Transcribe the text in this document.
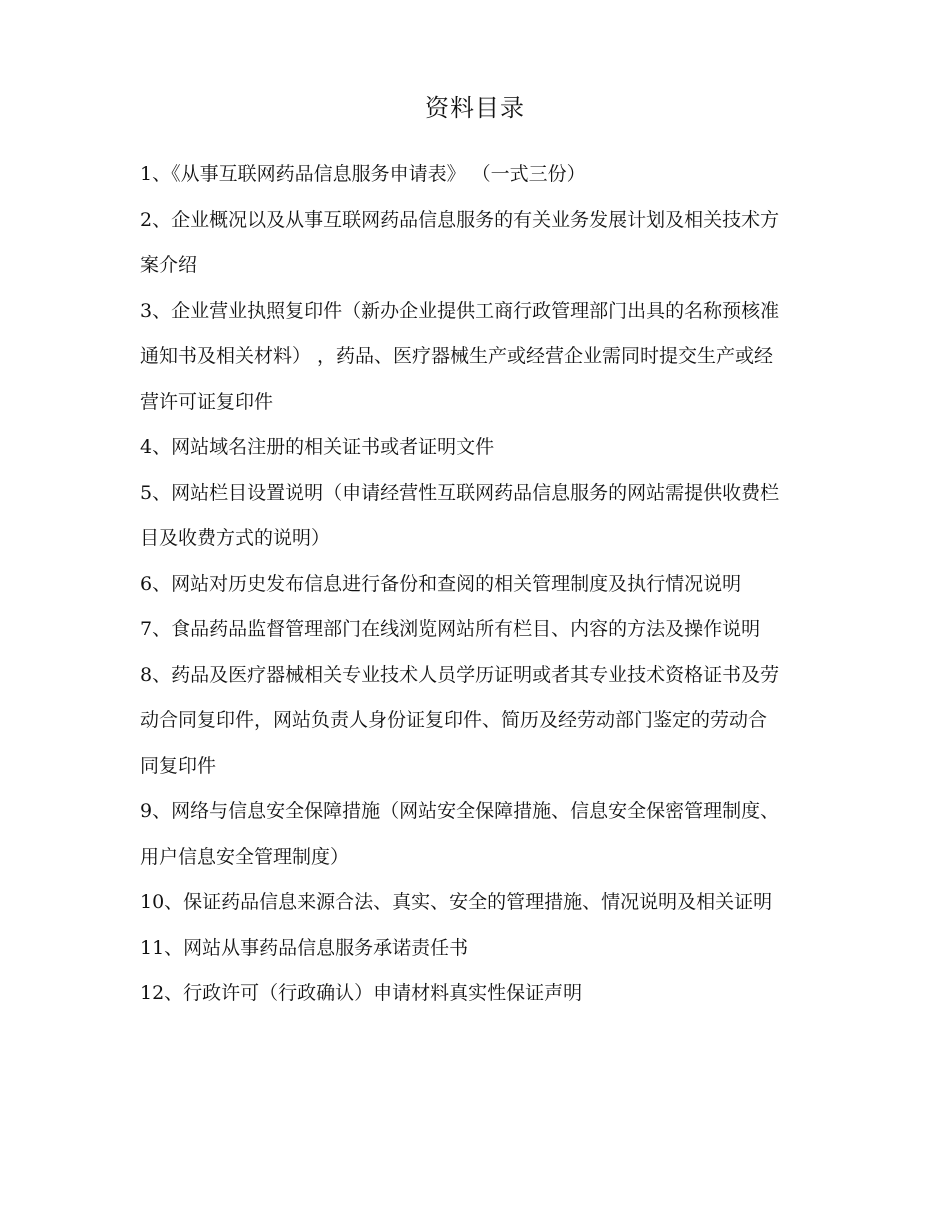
资料目录
1、《从事互联网药品信息服务申请表》 （一式三份）
2、企业概况以及从事互联网药品信息服务的有关业务发展计划及相关技术方案介绍
3、企业营业执照复印件（新办企业提供工商行政管理部门出具的名称预核准通知书及相关材料） ，药品、医疗器械生产或经营企业需同时提交生产或经营许可证复印件
4、网站域名注册的相关证书或者证明文件
5、网站栏目设置说明（申请经营性互联网药品信息服务的网站需提供收费栏目及收费方式的说明）
6、网站对历史发布信息进行备份和查阅的相关管理制度及执行情况说明
7、食品药品监督管理部门在线浏览网站所有栏目、内容的方法及操作说明
8、药品及医疗器械相关专业技术人员学历证明或者其专业技术资格证书及劳动合同复印件，网站负责人身份证复印件、简历及经劳动部门鉴定的劳动合同复印件
9、网络与信息安全保障措施（网站安全保障措施、信息安全保密管理制度、用户信息安全管理制度）
10、保证药品信息来源合法、真实、安全的管理措施、情况说明及相关证明
11、网站从事药品信息服务承诺责任书
12、行政许可（行政确认）申请材料真实性保证声明
